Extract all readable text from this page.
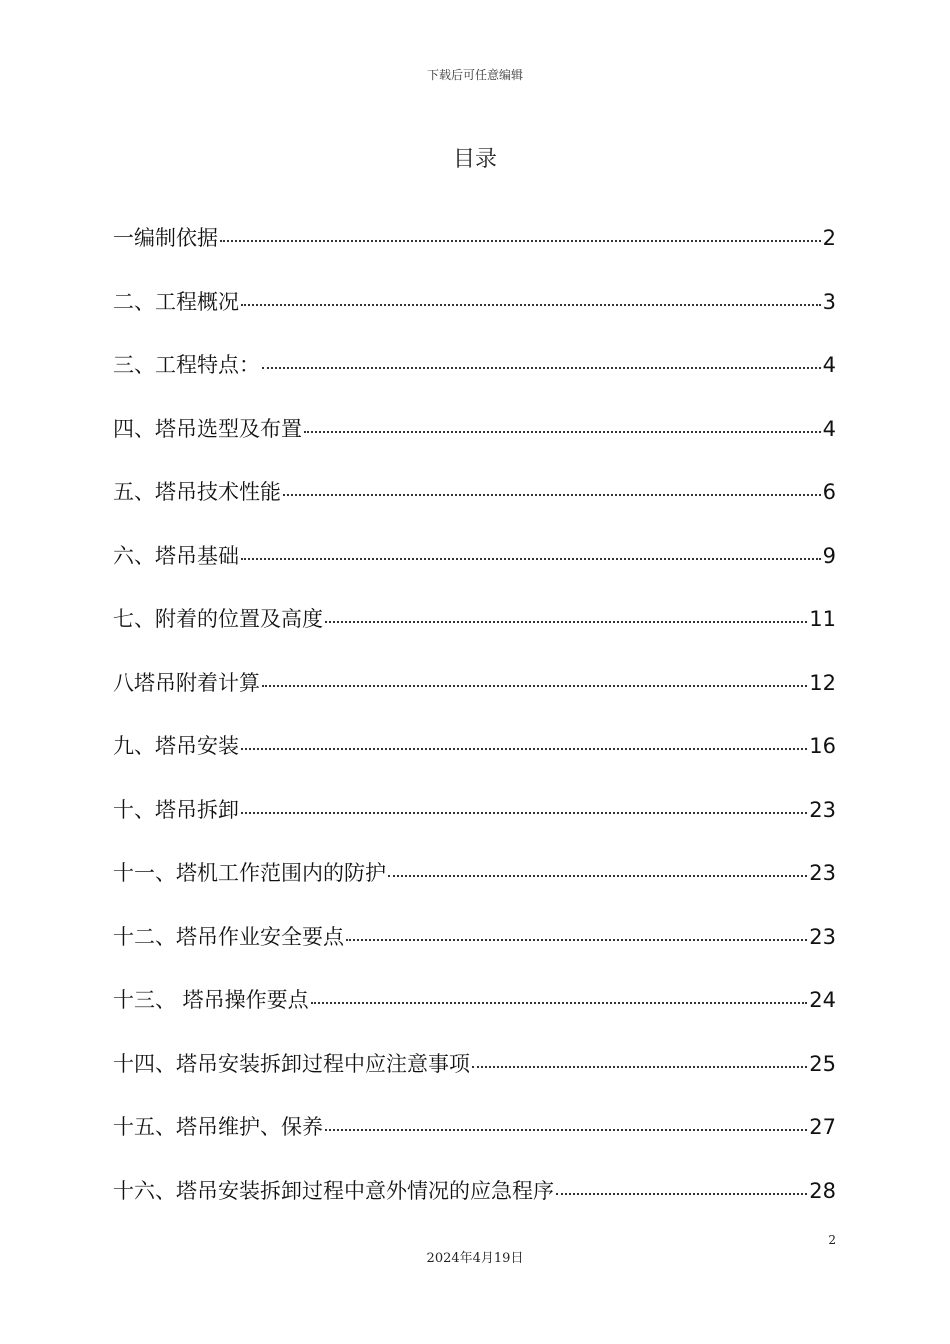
下载后可任意编辑
目录
一编制依据	2
二、工程概况	3
三、工程特点：	4
四、塔吊选型及布置	4
五、塔吊技术性能	6
六、塔吊基础	9
七、附着的位置及高度	11
八塔吊附着计算	12
九、塔吊安装	16
十、塔吊拆卸	23
十一、塔机工作范围内的防护	23
十二、塔吊作业安全要点	23
十三、 塔吊操作要点	24
十四、塔吊安装拆卸过程中应注意事项	25
十五、塔吊维护、保养	27
十六、塔吊安装拆卸过程中意外情况的应急程序	28
2
2024年4月19日
